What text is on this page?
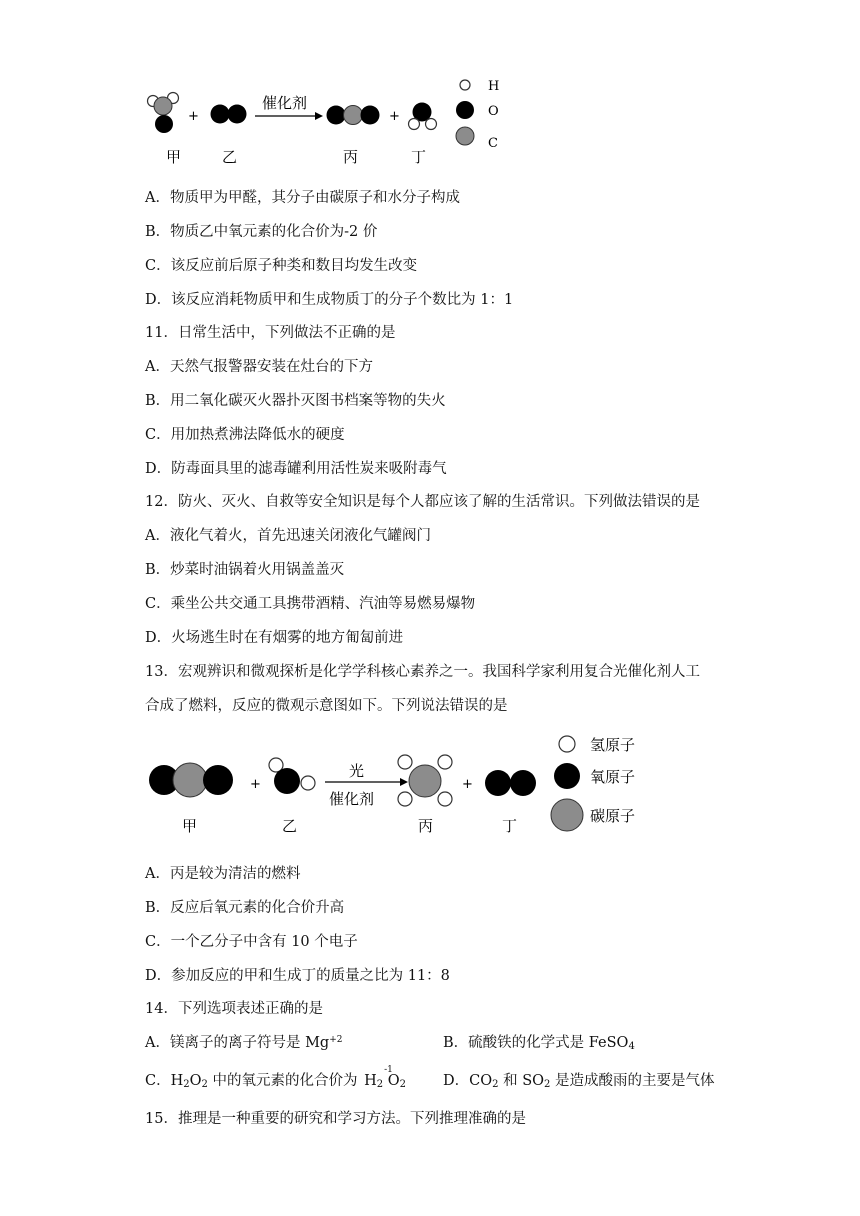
+
催化剂
+
甲	乙	丙	丁
H
O
C
A．物质甲为甲醛，其分子由碳原子和水分子构成
B．物质乙中氧元素的化合价为-2 价
C．该反应前后原子种类和数目均发生改变
D．该反应消耗物质甲和生成物质丁的分子个数比为 1：1
11．日常生活中，下列做法不正确的是
A．天然气报警器安装在灶台的下方
B．用二氧化碳灭火器扑灭图书档案等物的失火
C．用加热煮沸法降低水的硬度
D．防毒面具里的滤毒罐利用活性炭来吸附毒气
12．防火、灭火、自救等安全知识是每个人都应该了解的生活常识。下列做法错误的是
A．液化气着火，首先迅速关闭液化气罐阀门
B．炒菜时油锅着火用锅盖盖灭
C．乘坐公共交通工具携带酒精、汽油等易燃易爆物
D．火场逃生时在有烟雾的地方匍匐前进
13．宏观辨识和微观探析是化学学科核心素养之一。我国科学家利用复合光催化剂人工
合成了燃料，反应的微观示意图如下。下列说法错误的是
+
光
催化剂
+
甲	乙	丙	丁
氢原子
氧原子
碳原子
A．丙是较为清洁的燃料
B．反应后氧元素的化合价升高
C．一个乙分子中含有 10 个电子
D．参加反应的甲和生成丁的质量之比为 11：8
14．下列选项表述正确的是
A．镁离子的离子符号是 $Mg^{+2}$	B．硫酸铁的化学式是 FeSO$_4$
C．$H_2O_2$ 中的氧元素的化合价为
-1
$H_2$ $O_2$	D．$CO_2$ 和 $SO_2$ 是造成酸雨的主要是气体
15．推理是一种重要的研究和学习方法。下列推理准确的是
